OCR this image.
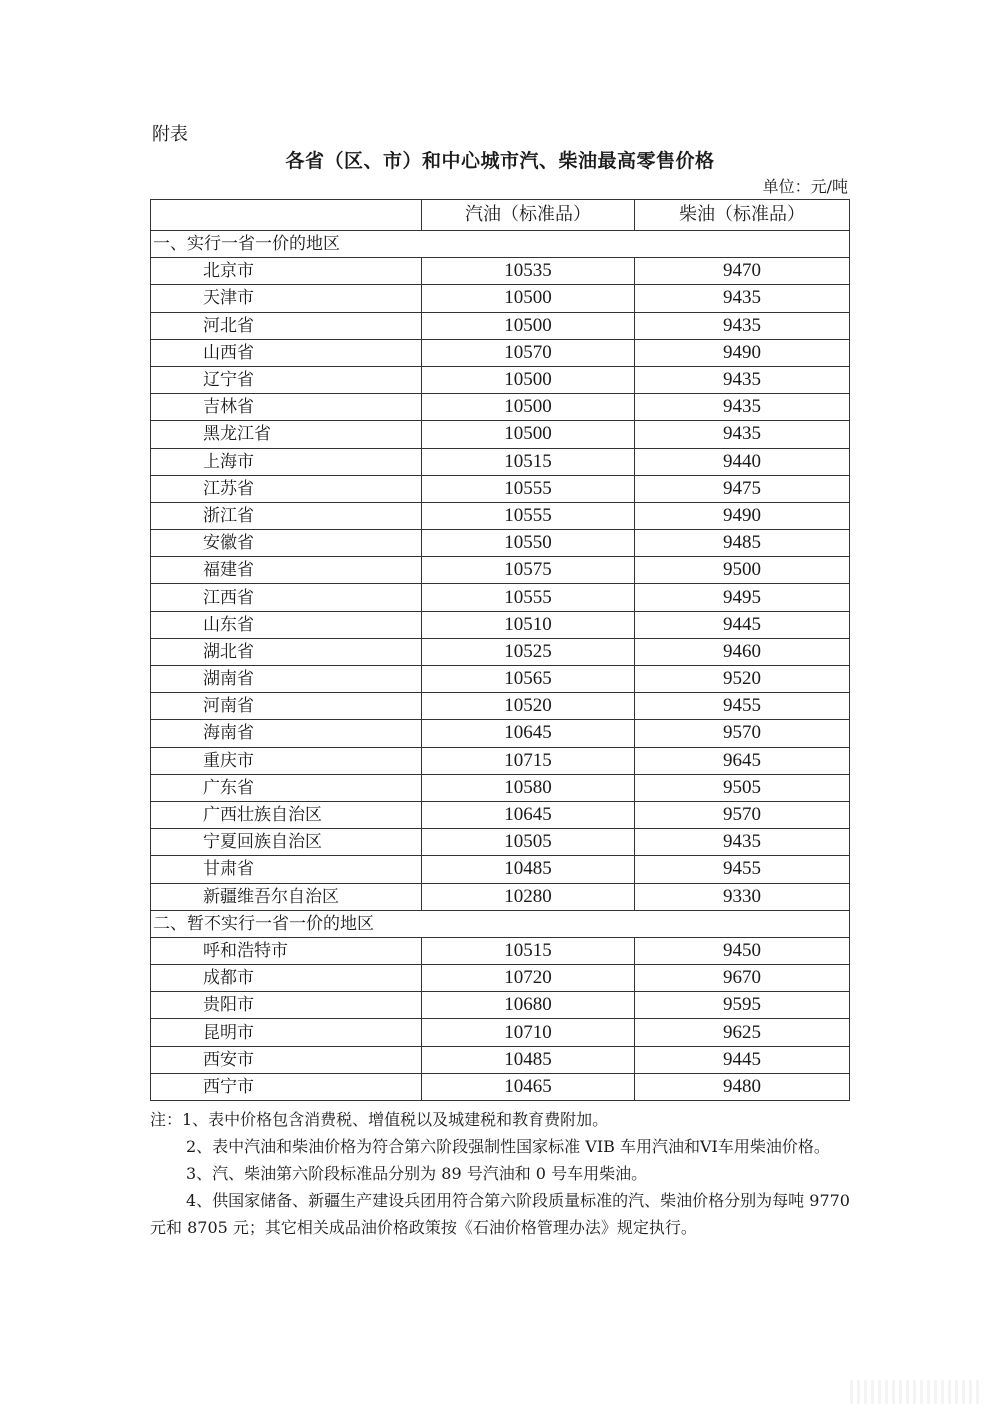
附表
各省（区、市）和中心城市汽、柴油最高零售价格
单位：元/吨
	汽油（标准品）	柴油（标准品）
一、实行一省一价的地区		
北京市	10535	9470
天津市	10500	9435
河北省	10500	9435
山西省	10570	9490
辽宁省	10500	9435
吉林省	10500	9435
黑龙江省	10500	9435
上海市	10515	9440
江苏省	10555	9475
浙江省	10555	9490
安徽省	10550	9485
福建省	10575	9500
江西省	10555	9495
山东省	10510	9445
湖北省	10525	9460
湖南省	10565	9520
河南省	10520	9455
海南省	10645	9570
重庆市	10715	9645
广东省	10580	9505
广西壮族自治区	10645	9570
宁夏回族自治区	10505	9435
甘肃省	10485	9455
新疆维吾尔自治区	10280	9330
二、暂不实行一省一价的地区		
呼和浩特市	10515	9450
成都市	10720	9670
贵阳市	10680	9595
昆明市	10710	9625
西安市	10485	9445
西宁市	10465	9480

注：1、表中价格包含消费税、增值税以及城建税和教育费附加。

2、表中汽油和柴油价格为符合第六阶段强制性国家标准 VIB 车用汽油和VI车用柴油价格。

3、汽、柴油第六阶段标准品分别为 89 号汽油和 0 号车用柴油。

4、供国家储备、新疆生产建设兵团用符合第六阶段质量标准的汽、柴油价格分别为每吨 9770 元和 8705 元；其它相关成品油价格政策按《石油价格管理办法》规定执行。
